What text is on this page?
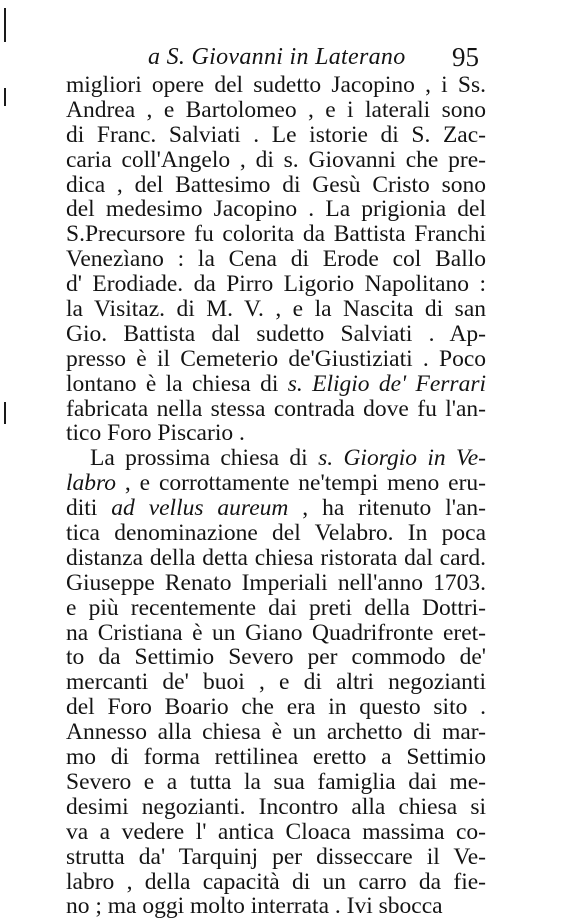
a S. Giovanni in Laterano 95
migliori opere del sudetto Jacopino , i Ss.
Andrea , e Bartolomeo , e i laterali sono
di Franc. Salviati . Le istorie di S. Zac-
caria coll'Angelo , di s. Giovanni che pre-
dica , del Battesimo di Gesù Cristo sono
del medesimo Jacopino . La prigionia del
S.Precursore fu colorita da Battista Franchi
Venezìano : la Cena di Erode col Ballo
d' Erodiade. da Pirro Ligorio Napolitano :
la Visitaz. di M. V. , e la Nascita di san
Gio. Battista dal sudetto Salviati . Ap-
presso è il Cemeterio de'Giustiziati . Poco
lontano è la chiesa di s. Eligio de' Ferrari
fabricata nella stessa contrada dove fu l'an-
tico Foro Piscario .
La prossima chiesa di s. Giorgio in Ve-
labro , e corrottamente ne'tempi meno eru-
diti ad vellus aureum , ha ritenuto l'an-
tica denominazione del Velabro. In poca
distanza della detta chiesa ristorata dal card.
Giuseppe Renato Imperiali nell'anno 1703.
e più recentemente dai preti della Dottri-
na Cristiana è un Giano Quadrifronte eret-
to da Settimio Severo per commodo de'
mercanti de' buoi , e di altri negozianti
del Foro Boario che era in questo sito .
Annesso alla chiesa è un archetto di mar-
mo di forma rettilinea eretto a Settimio
Severo e a tutta la sua famiglia dai me-
desimi negozianti. Incontro alla chiesa si
va a vedere l' antica Cloaca massima co-
strutta da' Tarquinj per disseccare il Ve-
labro , della capacità di un carro da fie-
no ; ma oggi molto interrata . Ivi sbocca
